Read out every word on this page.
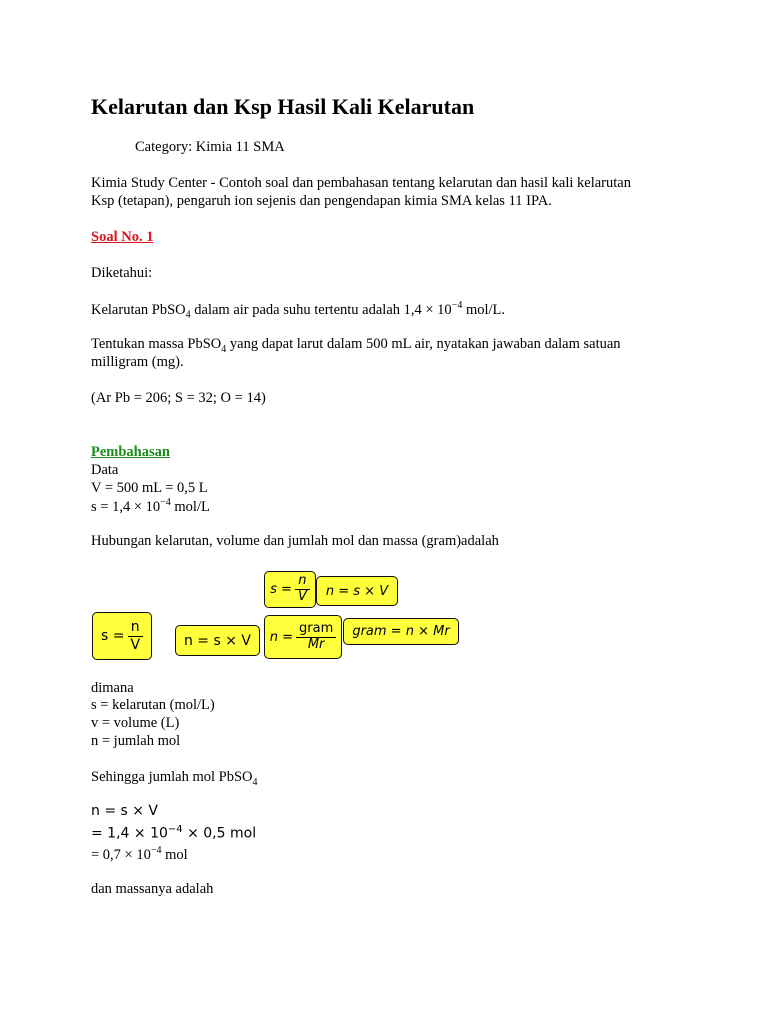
Kelarutan dan Ksp Hasil Kali Kelarutan
Category: Kimia 11 SMA
Kimia Study Center - Contoh soal dan pembahasan tentang kelarutan dan hasil kali kelarutan
Ksp (tetapan), pengaruh ion sejenis dan pengendapan kimia SMA kelas 11 IPA.
Soal No. 1
Diketahui:
Kelarutan PbSO$_4$ dalam air pada suhu tertentu adalah $1,4 \times 10^{-4}$ mol/L.
Tentukan massa PbSO$_4$ yang dapat larut dalam 500 mL air, nyatakan jawaban dalam satuan
milligram (mg).
(Ar Pb = 206; S = 32; O = 14)
Pembahasan
Data
V = 500 mL = 0,5 L
$s = 1,4 \times 10^{-4}$ mol/L
Hubungan kelarutan, volume dan jumlah mol dan massa (gram)adalah
$s = \frac{n}{V}$ n = s × V
$s = \frac{n}{V}$	n = s × V $n = \frac{\text{gram}}{Mr}$ gram = n × Mr
dimana
s = kelarutan (mol/L)
v = volume (L)
n = jumlah mol
Sehingga jumlah mol PbSO$_4$
n = s × V
= $1,4 \times 10^{-4} \times 0,5$ mol
= $0,7 \times 10^{-4}$ mol
dan massanya adalah
